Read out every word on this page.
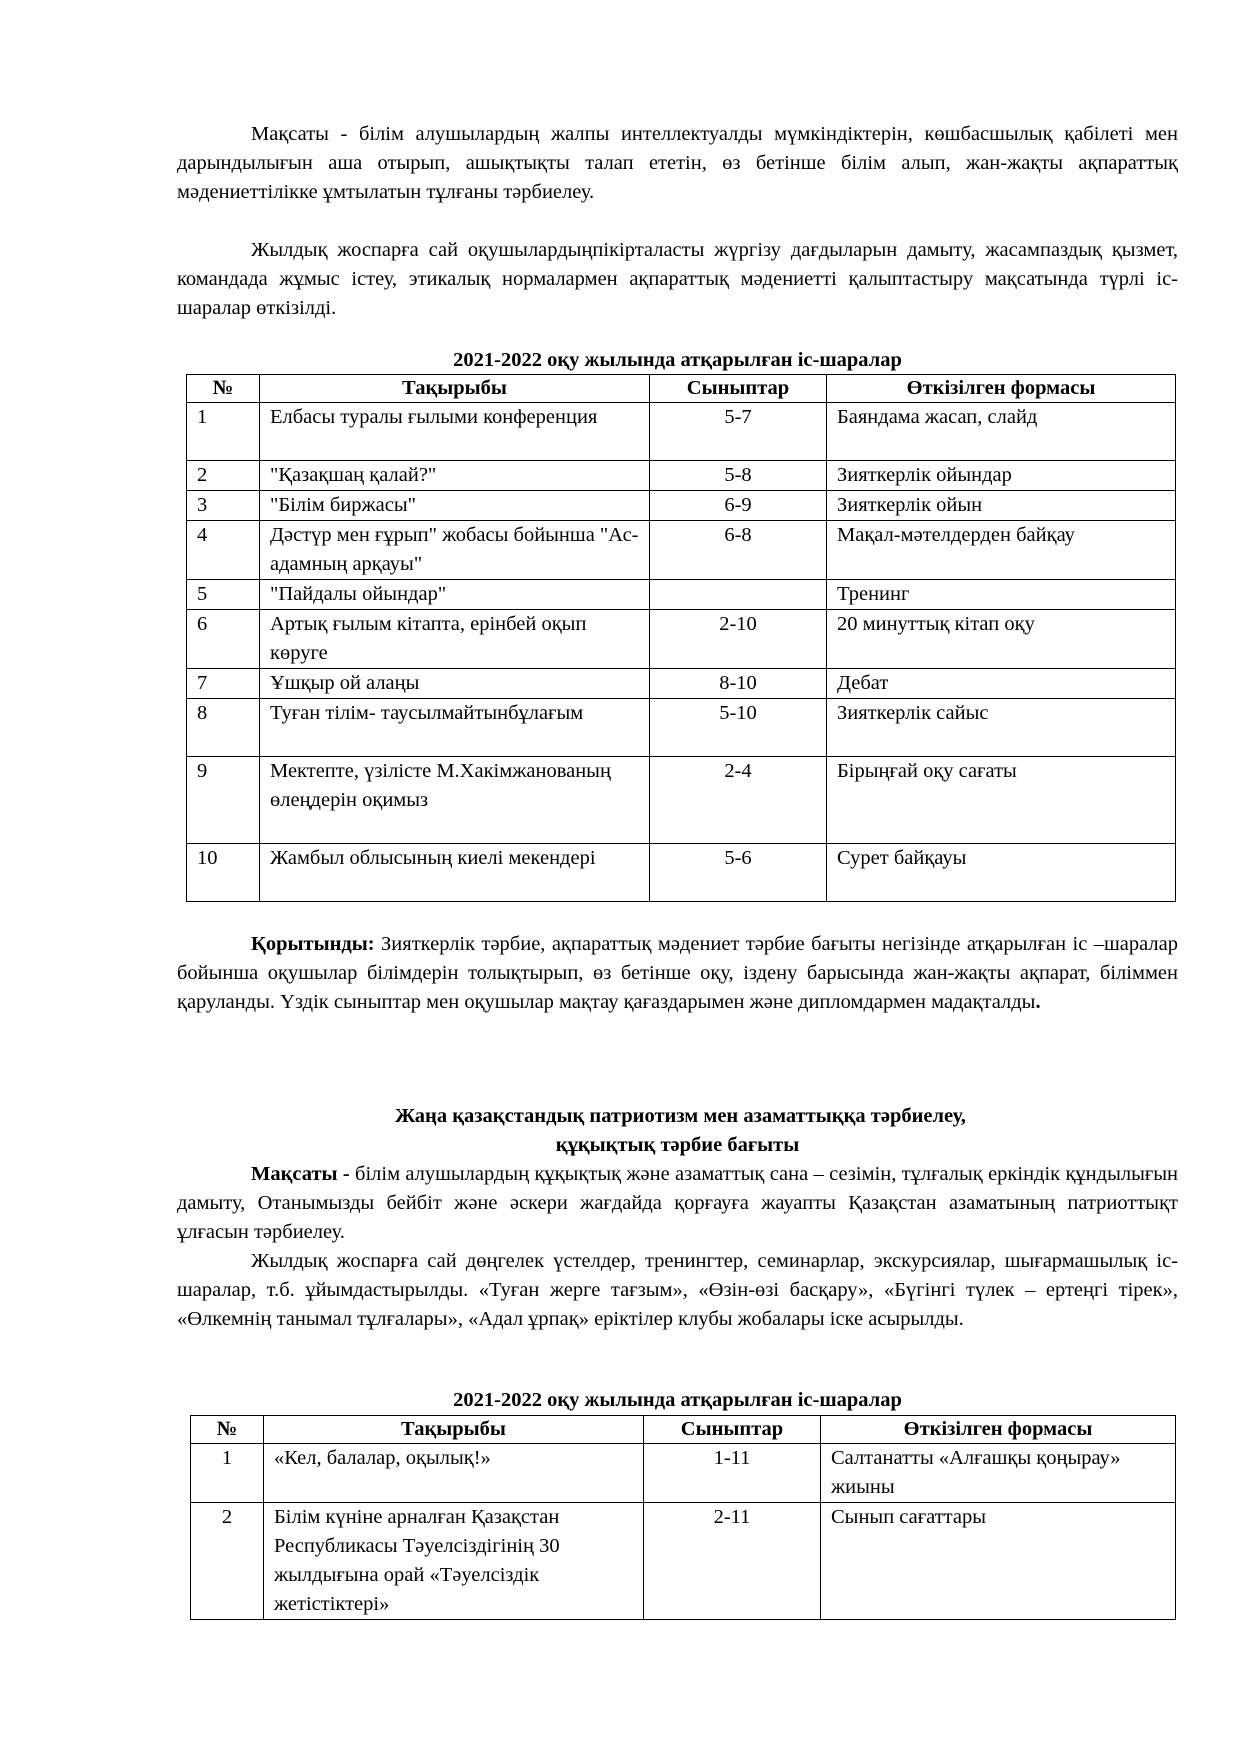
Мақсаты - білім алушылардың жалпы интеллектуалды мүмкіндіктерін, көшбасшылық қабілеті мен дарындылығын аша отырып, ашықтықты талап ететін, өз бетінше білім алып, жан-жақты ақпараттық мәдениеттілікке ұмтылатын тұлғаны тәрбиелеу.

Жылдық жоспарға сай оқушылардыңпікірталасты жүргізу дағдыларын дамыту, жасампаздық қызмет, командада жұмыс істеу, этикалық нормалармен ақпараттық мәдениетті қалыптастыру мақсатында түрлі іс-шаралар өткізілді.

2021-2022 оқу жылында атқарылған іс-шаралар

№	Тақырыбы	Сыныптар	Өткізілген формасы
1	Елбасы туралы ғылыми конференция	5-7	Баяндама жасап, слайд
2	"Қазақшаң қалай?"	5-8	Зияткерлік ойындар
3	"Білім биржасы"	6-9	Зияткерлік ойын
4	Дәстүр мен ғұрып" жобасы бойынша "Ас-адамның арқауы"	6-8	Мақал-мәтелдерден байқау
5	"Пайдалы ойындар"		Тренинг
6	Артық ғылым кітапта, ерінбей оқып көруге	2-10	20 минуттық кітап оқу
7	Ұшқыр ой алаңы	8-10	Дебат
8	Туған тілім- таусылмайтынбұлағым	5-10	Зияткерлік сайыс
9	Мектепте, үзілісте М.Хакімжанованың өлеңдерін оқимыз	2-4	Бірыңғай оқу сағаты
10	Жамбыл облысының киелі мекендері	5-6	Сурет байқауы

Қорытынды: Зияткерлік тәрбие, ақпараттық мәдениет тәрбие бағыты негізінде атқарылған іс –шаралар бойынша оқушылар білімдерін толықтырып, өз бетінше оқу, іздену барысында жан-жақты ақпарат, біліммен қаруланды. Үздік сыныптар мен оқушылар мақтау қағаздарымен және дипломдармен мадақталды.

Жаңа қазақстандық патриотизм мен азаматтыққа тәрбиелеу,

құқықтық тәрбие бағыты

Мақсаты - білім алушылардың құқықтық және азаматтық сана – сезімін, тұлғалық еркіндік құндылығын дамыту, Отанымызды бейбіт және әскери жағдайда қорғауға жауапты Қазақстан азаматының патриоттықт ұлғасын тәрбиелеу.

Жылдық жоспарға сай дөңгелек үстелдер, тренингтер, семинарлар, экскурсиялар, шығармашылық іс-шаралар, т.б. ұйымдастырылды. «Туған жерге тағзым», «Өзін-өзі басқару», «Бүгінгі түлек – ертеңгі тірек», «Өлкемнің танымал тұлғалары», «Адал ұрпақ» еріктілер клубы жобалары іске асырылды.

2021-2022 оқу жылында атқарылған іс-шаралар

№	Тақырыбы	Сыныптар	Өткізілген формасы
1	«Кел, балалар, оқылық!»	1-11	Салтанатты «Алғашқы қоңырау» жиыны
2	Білім күніне арналған Қазақстан Республикасы Тәуелсіздігінің 30 жылдығына орай «Тәуелсіздік жетістіктері»	2-11	Сынып сағаттары
